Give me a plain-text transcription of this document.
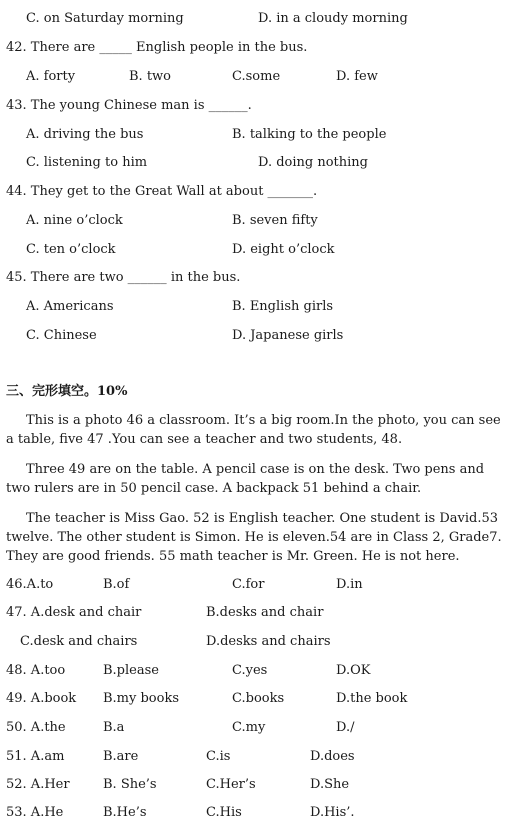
C. on Saturday morning	D. in a cloudy morning
42. There are _____ English people in the bus.
A. forty	B. two	C.some	D. few
43. The young Chinese man is ______.
A. driving the bus	B. talking to the people
C. listening to him	D. doing nothing
44. They get to the Great Wall at about _______.
A. nine o’clock	B. seven fifty
C. ten o’clock	D. eight o’clock
45. There are two ______ in the bus.
A. Americans	B. English girls
C. Chinese	D. Japanese girls
三、完形填空。10%
This is a photo 46 a classroom. It’s a big room.In the photo, you can see a table, five 47 .You can see a teacher and two students, 48.
Three 49 are on the table. A pencil case is on the desk. Two pens and two rulers are in 50 pencil case. A backpack 51 behind a chair.
The teacher is Miss Gao. 52 is English teacher. One student is David.53 twelve. The other student is Simon. He is eleven.54 are in Class 2, Grade7. They are good friends. 55 math teacher is Mr. Green. He is not here.
46.A.to	B.of	C.for	D.in
47. A.desk and chair	B.desks and chair
C.desk and chairs	D.desks and chairs
48. A.too	B.please	C.yes	D.OK
49. A.book B.my books	C.books	D.the book
50. A.the	B.a	C.my	D./
51. A.am	B.are	C.is	D.does
52. A.Her	B. She’s	C.Her’s	D.She
53. A.He	B.He’s	C.His	D.His’.
